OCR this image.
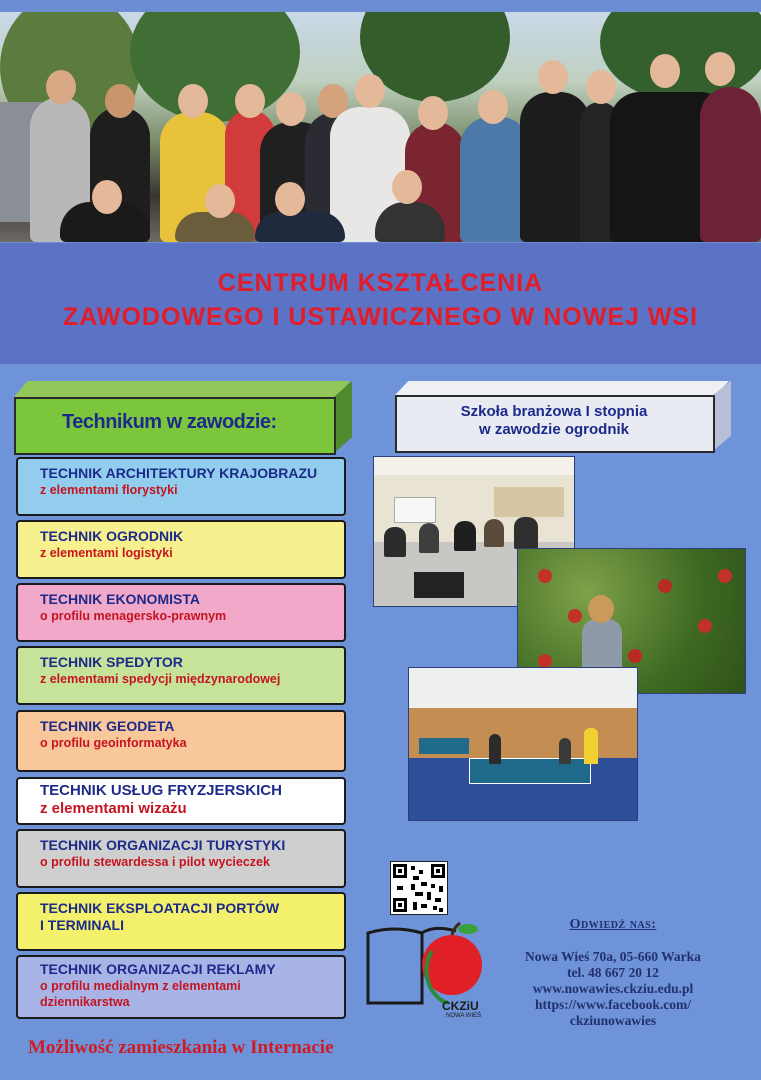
CENTRUM KSZTAŁCENIA
ZAWODOWEGO I USTAWICZNEGO W NOWEJ WSI
Technikum w zawodzie:	Szkoła branżowa I stopnia
w zawodzie ogrodnik
TECHNIK ARCHITEKTURY KRAJOBRAZU
z elementami florystyki
TECHNIK OGRODNIK
z elementami logistyki
TECHNIK EKONOMISTA
o profilu menagersko-prawnym
TECHNIK SPEDYTOR
z elementami spedycji międzynarodowej
TECHNIK GEODETA
o profilu geoinformatyka
TECHNIK USŁUG FRYZJERSKICH
z elementami wizażu
TECHNIK ORGANIZACJI TURYSTYKI
o profilu stewardessa i pilot wycieczek
TECHNIK EKSPLOATACJI PORTÓW
I TERMINALI
TECHNIK ORGANIZACJI REKLAMY
o profilu medialnym z elementami dziennikarstwa	CKZiU
NOWA WIEŚ
Odwiedź nas:
Nowa Wieś 70a, 05-660 Warka
tel. 48 667 20 12
www.nowawies.ckziu.edu.pl
https://www.facebook.com/
ckziunowawies
Możliwość zamieszkania w Internacie
